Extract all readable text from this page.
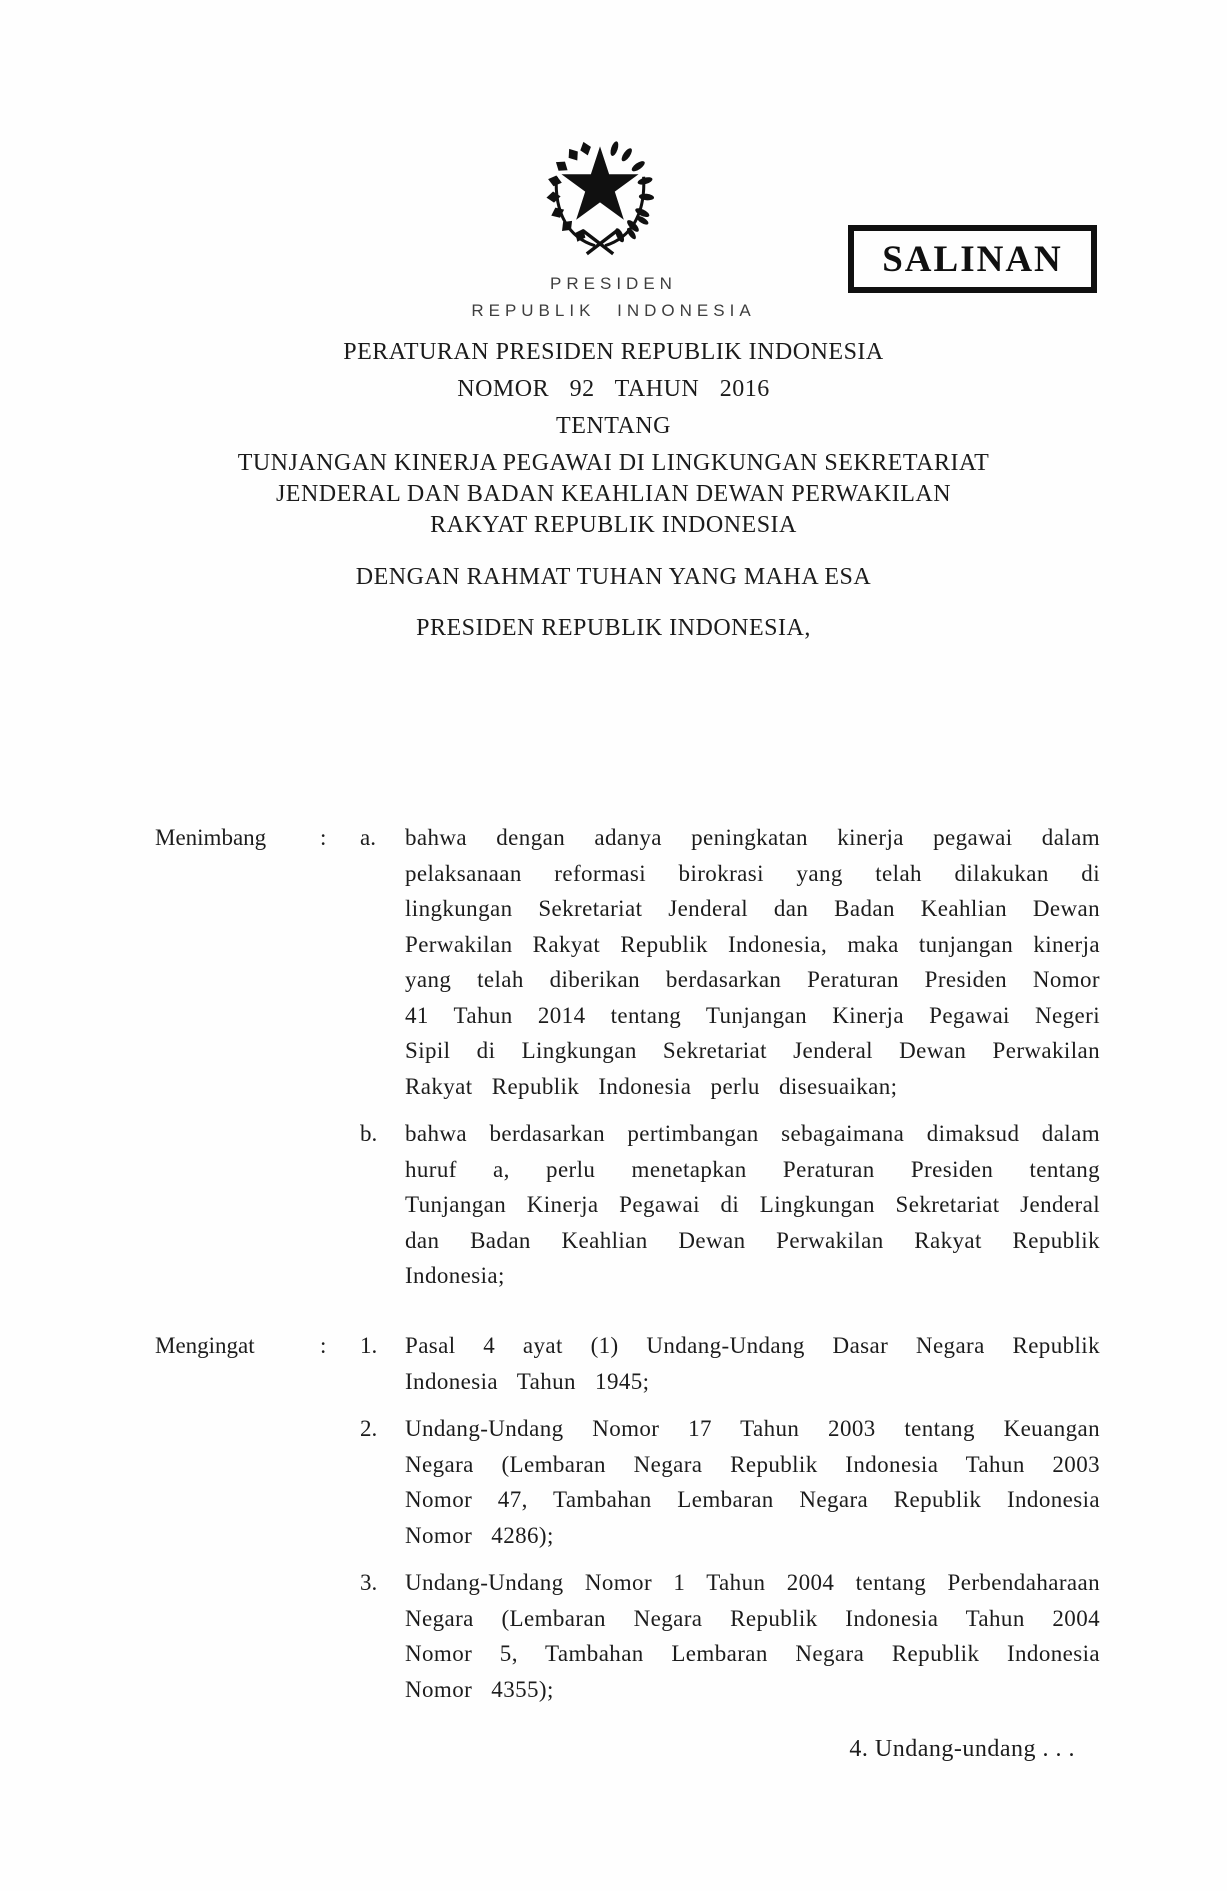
SALINAN
PRESIDEN
REPUBLIK INDONESIA
PERATURAN PRESIDEN REPUBLIK INDONESIA
NOMOR 92 TAHUN 2016
TENTANG
TUNJANGAN KINERJA PEGAWAI DI LINGKUNGAN SEKRETARIAT
JENDERAL DAN BADAN KEAHLIAN DEWAN PERWAKILAN
RAKYAT REPUBLIK INDONESIA
DENGAN RAHMAT TUHAN YANG MAHA ESA
PRESIDEN REPUBLIK INDONESIA,
Menimbang	:	a.	bahwa dengan adanya peningkatan kinerja pegawai dalam pelaksanaan reformasi birokrasi yang telah dilakukan di lingkungan Sekretariat Jenderal dan Badan Keahlian Dewan Perwakilan Rakyat Republik Indonesia, maka tunjangan kinerja yang telah diberikan berdasarkan Peraturan Presiden Nomor 41 Tahun 2014 tentang Tunjangan Kinerja Pegawai Negeri Sipil di Lingkungan Sekretariat Jenderal Dewan Perwakilan Rakyat Republik Indonesia perlu disesuaikan;
b.	bahwa berdasarkan pertimbangan sebagaimana dimaksud dalam huruf a, perlu menetapkan Peraturan Presiden tentang Tunjangan Kinerja Pegawai di Lingkungan Sekretariat Jenderal dan Badan Keahlian Dewan Perwakilan Rakyat Republik Indonesia;
Mengingat	:	1.	Pasal 4 ayat (1) Undang-Undang Dasar Negara Republik Indonesia Tahun 1945;
2.	Undang-Undang Nomor 17 Tahun 2003 tentang Keuangan Negara (Lembaran Negara Republik Indonesia Tahun 2003 Nomor 47, Tambahan Lembaran Negara Republik Indonesia Nomor 4286);
3.	Undang-Undang Nomor 1 Tahun 2004 tentang Perbendaharaan Negara (Lembaran Negara Republik Indonesia Tahun 2004 Nomor 5, Tambahan Lembaran Negara Republik Indonesia Nomor 4355);
4. Undang-undang . . .
